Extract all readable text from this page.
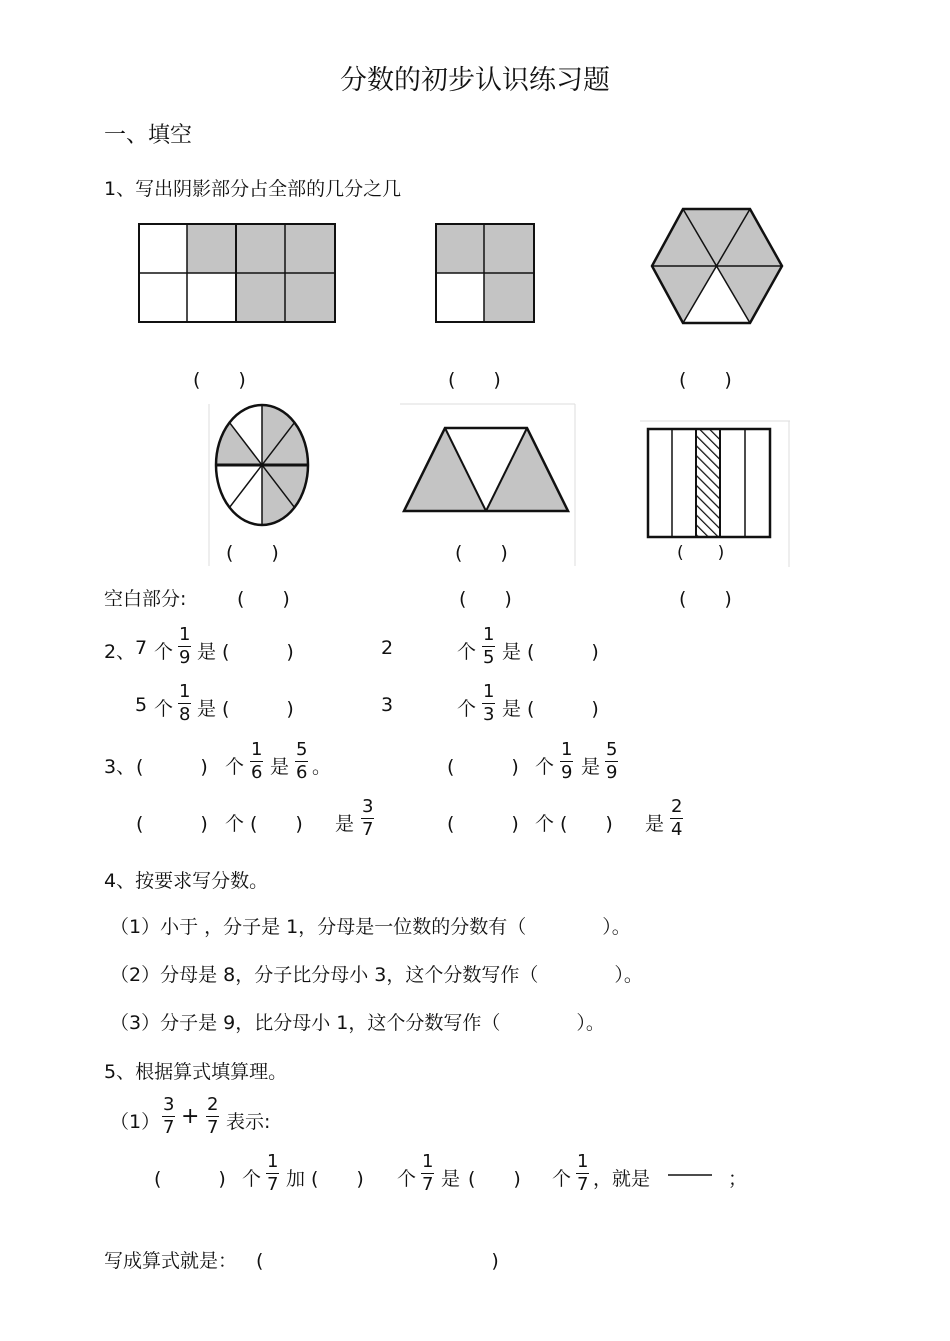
分数的初步认识练习题
一、填空
1、写出阴影部分占全部的几分之几
(　　)	(　　)	(　　)
(　　)	(　　)	(　　)
空白部分:	(　　)	(　　)	(　　)
2、 7 个 $\frac{1}{9}$ 是 (　　　)	2	个 $\frac{1}{5}$ 是 (　　　)
5 个 $\frac{1}{8}$ 是 (　　　)	3	个 $\frac{1}{3}$ 是 (　　　)
3、 (　　　) 个 $\frac{1}{6}$ 是 $\frac{5}{6}$ 。	(　　　) 个 $\frac{1}{9}$ 是 $\frac{5}{9}$
(　　　) 个 (　　) 是 $\frac{3}{7}$	(　　　) 个 (　　) 是 $\frac{2}{4}$
4、按要求写分数。
（1）小于 ，分子是 1，分母是一位数的分数有（　　　　）。
（2）分母是 8，分子比分母小 3，这个分数写作（　　　　）。
（3）分子是 9，比分母小 1，这个分数写作（　　　　）。
5、根据算式填算理。
$(1) \frac{3}{7} + \frac{2}{7}$ 表示:
(　　　) 个 $\frac{1}{7}$ 加 (　　) 个 $\frac{1}{7}$ 是 (　　) 个 $\frac{1}{7}$ ，就是	；
写成算式就是： (　　　　　　　　　　　　)
